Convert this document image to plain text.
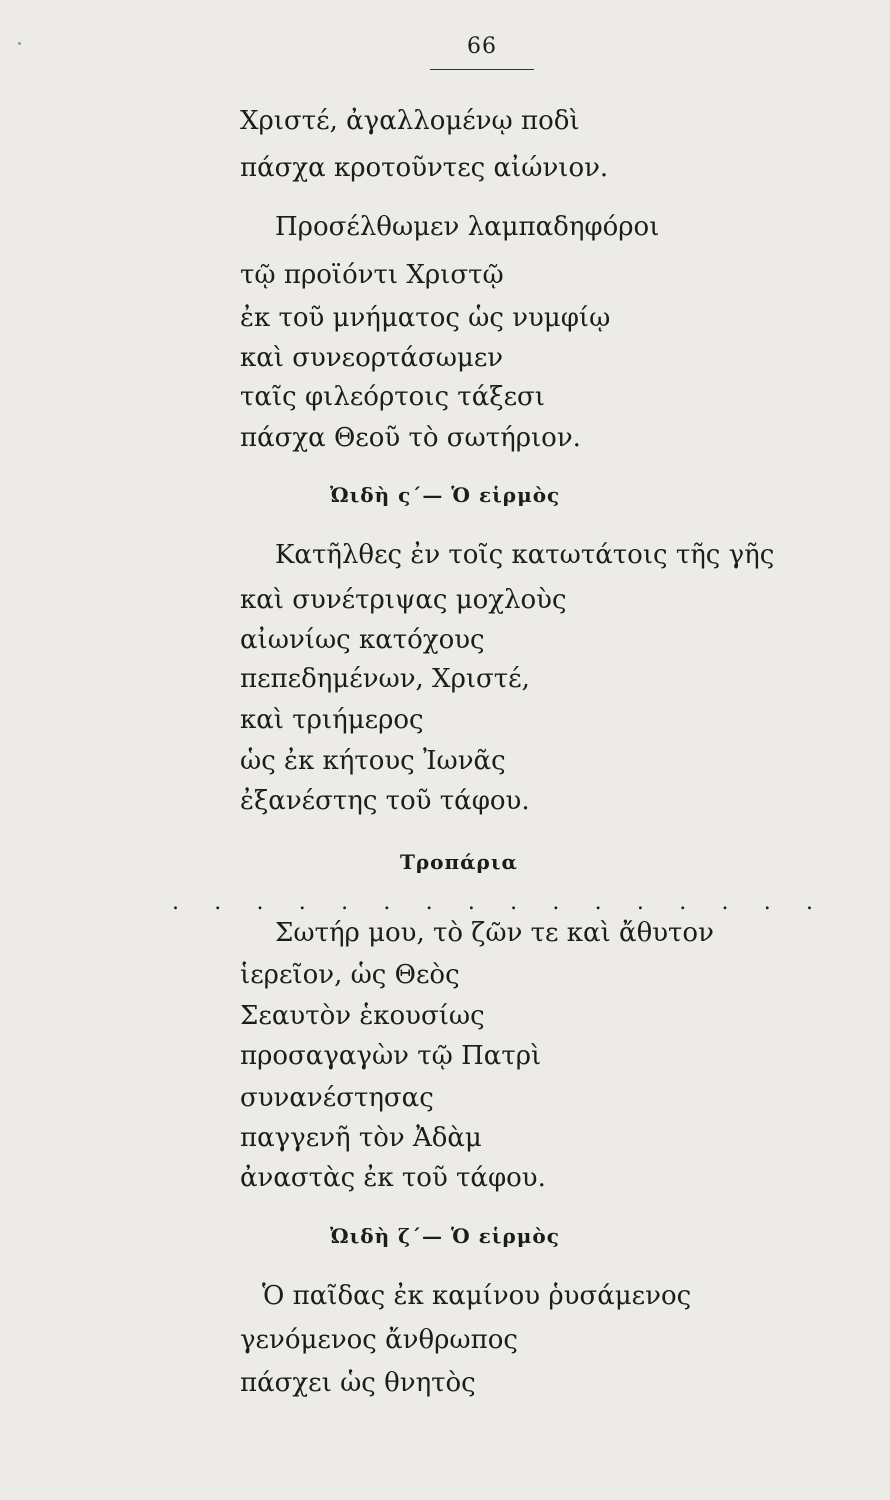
66
Χριστέ, ἀγαλλομένῳ ποδὶ
πάσχα κροτοῦντες αἰώνιον.
Προσέλθωμεν λαμπαδηφόροι
τῷ προϊόντι Χριστῷ
ἐκ τοῦ μνήματος ὡς νυμφίῳ
καὶ συνεορτάσωμεν
ταῖς φιλεόρτοις τάξεσι
πάσχα Θεοῦ τὸ σωτήριον.
Ὠιδὴ ς΄— Ὁ εἱρμὸς
Κατῆλθες ἐν τοῖς κατωτάτοις τῆς γῆς
καὶ συνέτριψας μοχλοὺς
αἰωνίως κατόχους
πεπεδημένων, Χριστέ,
καὶ τριήμερος
ὡς ἐκ κήτους Ἰωνᾶς
ἐξανέστης τοῦ τάφου.
Τροπάρια
. . . . . . . . . . . . . . . .
Σωτήρ μου, τὸ ζῶν τε καὶ ἄθυτον
ἱερεῖον, ὡς Θεὸς
Σεαυτὸν ἑκουσίως
προσαγαγὼν τῷ Πατρὶ
συνανέστησας
παγγενῆ τὸν Ἀδὰμ
ἀναστὰς ἐκ τοῦ τάφου.
Ὠιδὴ ζ΄— Ὁ εἱρμὸς
Ὁ παῖδας ἐκ καμίνου ῥυσάμενος
γενόμενος ἄνθρωπος
πάσχει ὡς θνητὸς
